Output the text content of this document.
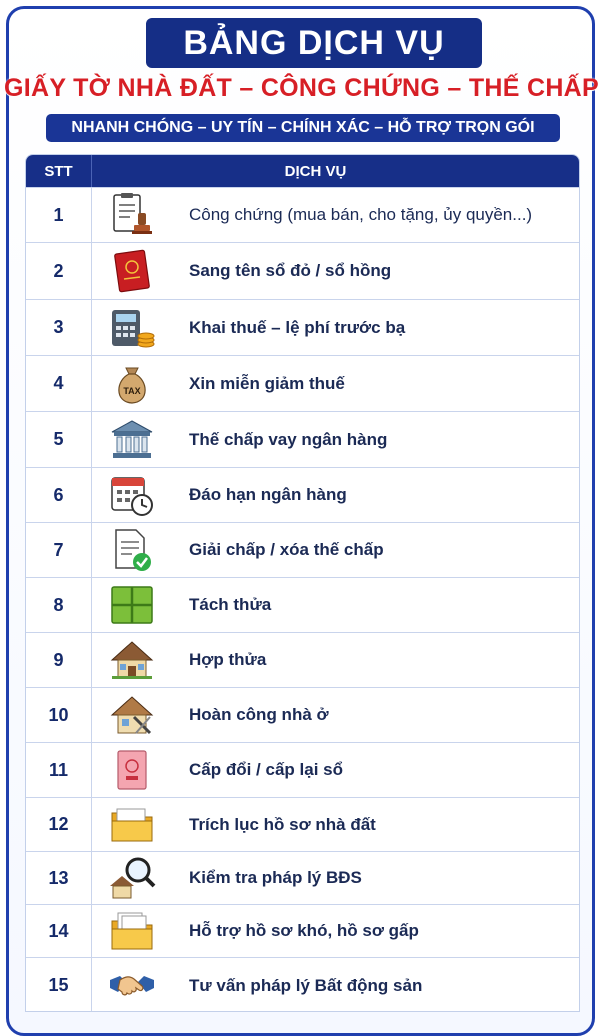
BẢNG DỊCH VỤ
GIẤY TỜ NHÀ ĐẤT – CÔNG CHỨNG – THẾ CHẤP
NHANH CHÓNG – UY TÍN – CHÍNH XÁC – HỖ TRỢ TRỌN GÓI
STT	DỊCH VỤ
1	Công chứng (mua bán, cho tặng, ủy quyền...)
2	Sang tên sổ đỏ / sổ hồng
3	Khai thuế – lệ phí trước bạ
4	TAX	Xin miễn giảm thuế
5	Thế chấp vay ngân hàng
6	Đáo hạn ngân hàng
7	Giải chấp / xóa thế chấp
8	Tách thửa
9	Hợp thửa
10	Hoàn công nhà ở
11	Cấp đổi / cấp lại sổ
12	Trích lục hồ sơ nhà đất
13	Kiểm tra pháp lý BĐS
14	Hỗ trợ hồ sơ khó, hồ sơ gấp
15	Tư vấn pháp lý Bất động sản
